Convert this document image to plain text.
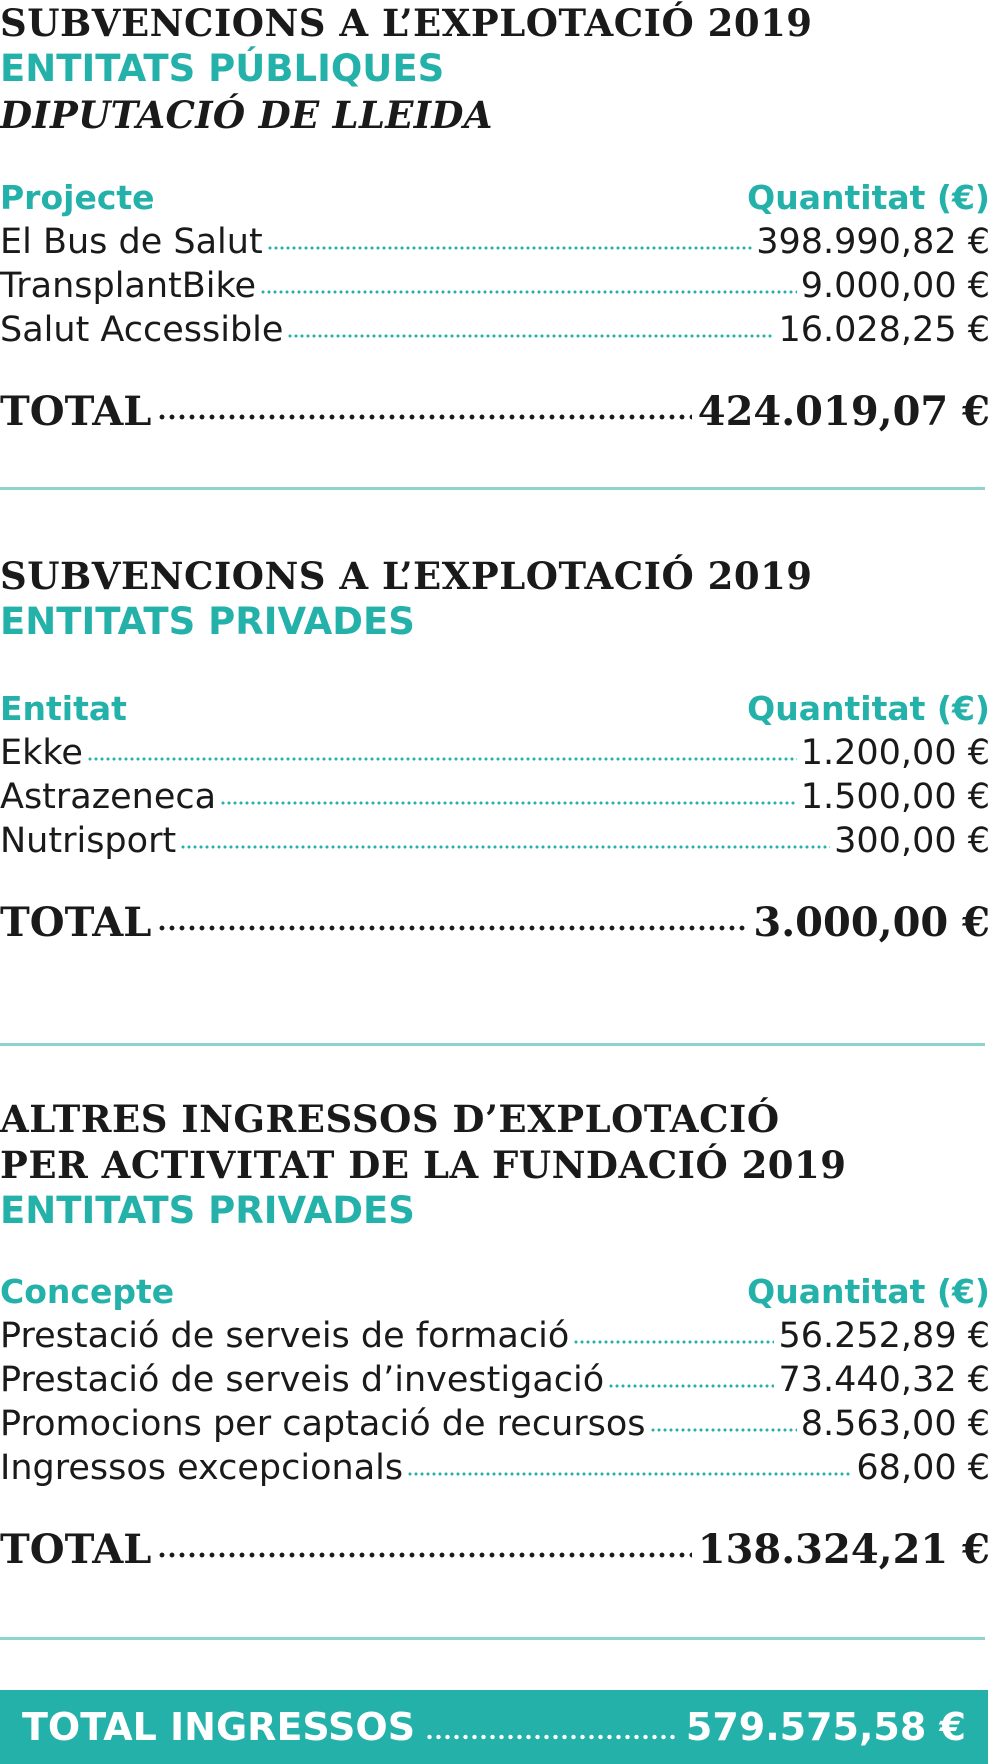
SUBVENCIONS A L’EXPLOTACIÓ 2019
ENTITATS PÚBLIQUES
DIPUTACIÓ DE LLEIDA
Projecte	Quantitat (€)
El Bus de Salut	398.990,82 €
TransplantBike	9.000,00 €
Salut Accessible	16.028,25 €
TOTAL	424.019,07 €
SUBVENCIONS A L’EXPLOTACIÓ 2019
ENTITATS PRIVADES
Entitat	Quantitat (€)
Ekke	1.200,00 €
Astrazeneca	1.500,00 €
Nutrisport	300,00 €
TOTAL	3.000,00 €
ALTRES INGRESSOS D’EXPLOTACIÓ
PER ACTIVITAT DE LA FUNDACIÓ 2019
ENTITATS PRIVADES
Concepte	Quantitat (€)
Prestació de serveis de formació	56.252,89 €
Prestació de serveis d’investigació	73.440,32 €
Promocions per captació de recursos	8.563,00 €
Ingressos excepcionals	68,00 €
TOTAL	138.324,21 €
TOTAL INGRESSOS	579.575,58 €
